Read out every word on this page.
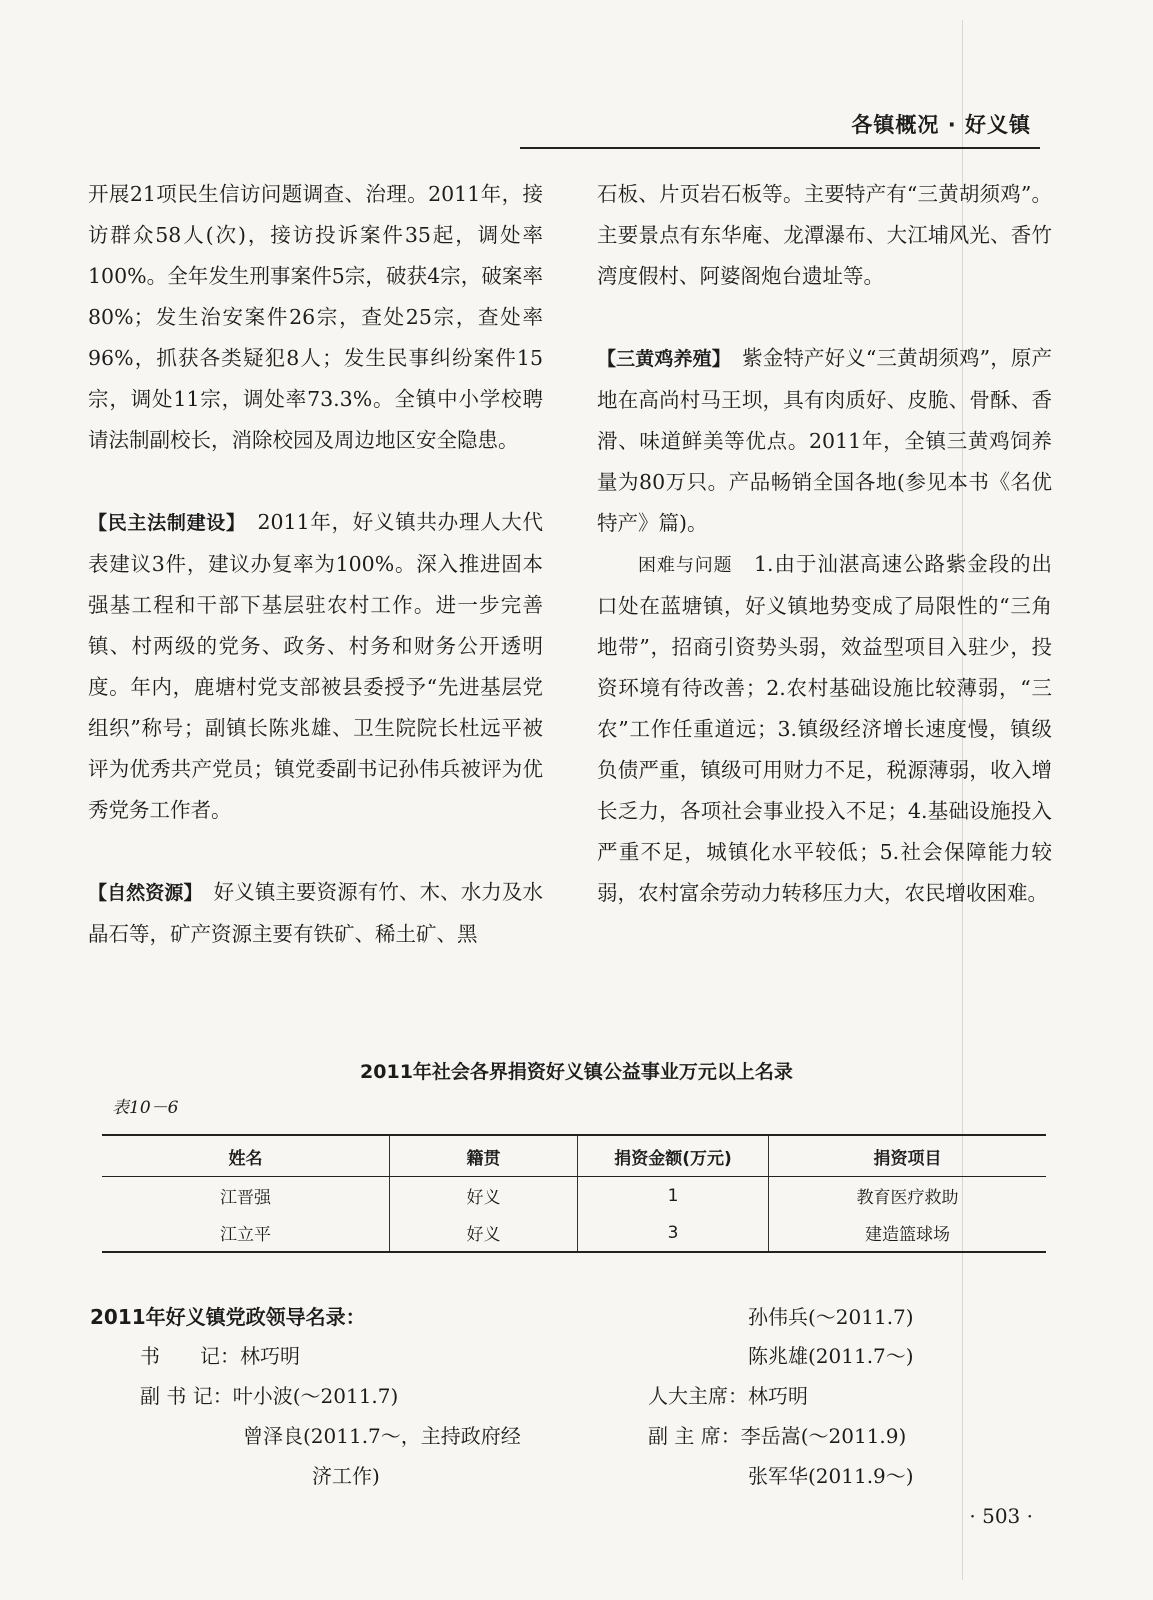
各镇概况 · 好义镇

开展21项民生信访问题调查、治理。2011年，接访群众58人(次)，接访投诉案件35起，调处率100%。全年发生刑事案件5宗，破获4宗，破案率80%；发生治安案件26宗，查处25宗，查处率96%，抓获各类疑犯8人；发生民事纠纷案件15宗，调处11宗，调处率73.3%。全镇中小学校聘请法制副校长，消除校园及周边地区安全隐患。

【民主法制建设】　 2011年，好义镇共办理人大代表建议3件，建议办复率为100%。深入推进固本强基工程和干部下基层驻农村工作。进一步完善镇、村两级的党务、政务、村务和财务公开透明度。年内，鹿塘村党支部被县委授予“先进基层党组织”称号；副镇长陈兆雄、卫生院院长杜远平被评为优秀共产党员；镇党委副书记孙伟兵被评为优秀党务工作者。

【自然资源】　 好义镇主要资源有竹、木、水力及水晶石等，矿产资源主要有铁矿、稀土矿、黑

石板、片页岩石板等。主要特产有“三黄胡须鸡”。主要景点有东华庵、龙潭瀑布、大江埔风光、香竹湾度假村、阿婆阁炮台遗址等。

【三黄鸡养殖】　 紫金特产好义“三黄胡须鸡”，原产地在高尚村马王坝，具有肉质好、皮脆、骨酥、香滑、味道鲜美等优点。2011年，全镇三黄鸡饲养量为80万只。产品畅销全国各地(参见本书《名优特产》篇)。

困难与问题　 1.由于汕湛高速公路紫金段的出口处在蓝塘镇，好义镇地势变成了局限性的“三角地带”，招商引资势头弱，效益型项目入驻少，投资环境有待改善；2.农村基础设施比较薄弱，“三农”工作任重道远；3.镇级经济增长速度慢，镇级负债严重，镇级可用财力不足，税源薄弱，收入增长乏力，各项社会事业投入不足；4.基础设施投入严重不足，城镇化水平较低；5.社会保障能力较弱，农村富余劳动力转移压力大，农民增收困难。

2011年社会各界捐资好义镇公益事业万元以上名录
表10－6
姓名	籍贯	捐资金额(万元)	捐资项目
江晋强	好义	1	教育医疗救助
江立平	好义	3	建造篮球场
2011年好义镇党政领导名录：
书　　记：林巧明
副 书 记：叶小波(～2011.7)
曾泽良(2011.7～，主持政府经
济工作)
孙伟兵(～2011.7)
陈兆雄(2011.7～)
人大主席：林巧明
副 主 席：李岳嵩(～2011.9)
张军华(2011.9～)
· 503 ·
